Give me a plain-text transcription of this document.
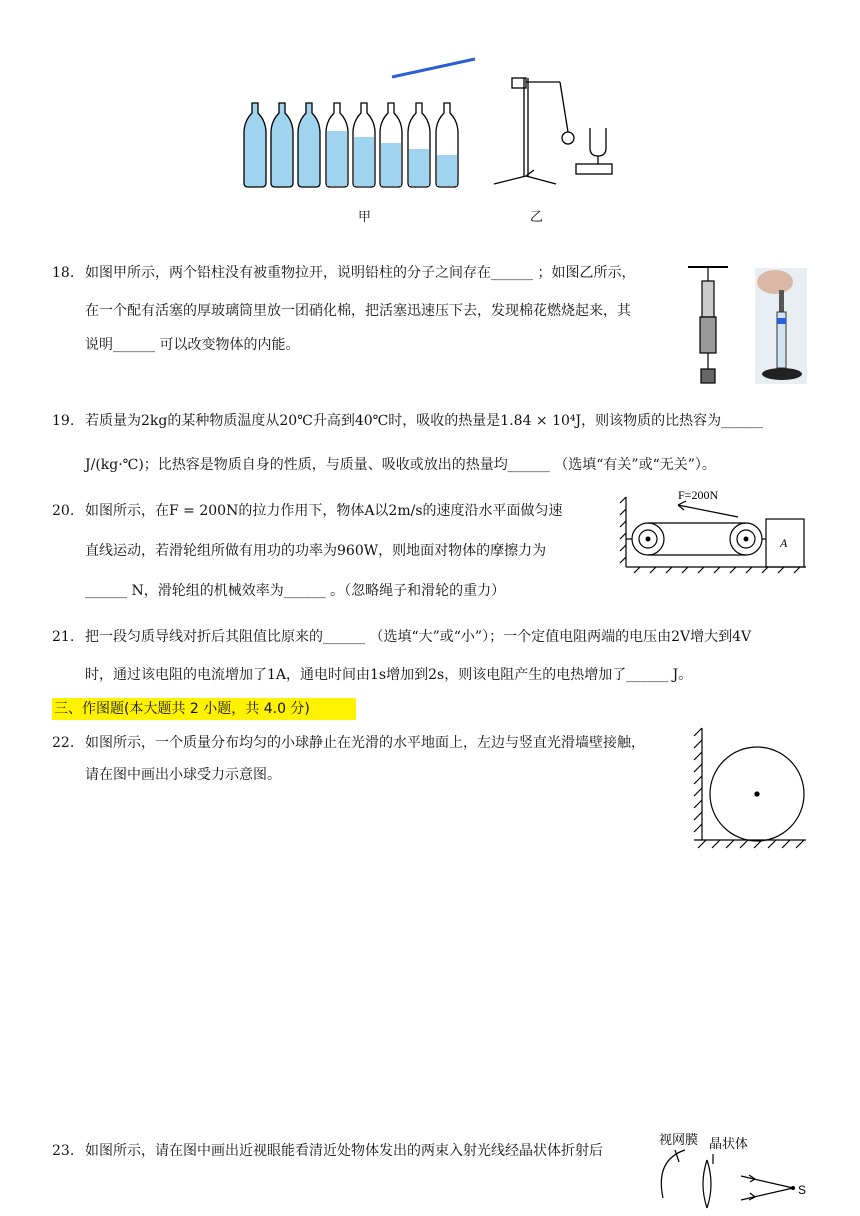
甲	乙
18. 如图甲所示，两个铅柱没有被重物拉开，说明铅柱的分子之间存在______ ；如图乙所示，
在一个配有活塞的厚玻璃筒里放一团硝化棉，把活塞迅速压下去，发现棉花燃烧起来，其
说明______ 可以改变物体的内能。
19. 若质量为2kg的某种物质温度从20℃升高到40℃时，吸收的热量是1.84 × 10⁴J，则该物质的比热容为______
J/(kg·℃)；比热容是物质自身的性质，与质量、吸收或放出的热量均______ （选填“有关”或“无关”）。
20. 如图所示，在F = 200N的拉力作用下，物体A以2m/s的速度沿水平面做匀速
直线运动，若滑轮组所做有用功的功率为960W，则地面对物体的摩擦力为
______ N，滑轮组的机械效率为______ 。（忽略绳子和滑轮的重力）
F=200N
A
21. 把一段匀质导线对折后其阻值比原来的______ （选填“大”或“小”）；一个定值电阻两端的电压由2V增大到4V
时，通过该电阻的电流增加了1A，通电时间由1s增加到2s，则该电阻产生的电热增加了______ J。
三、作图题(本大题共 2 小题，共 4.0 分)
22. 如图所示，一个质量分布均匀的小球静止在光滑的水平地面上，左边与竖直光滑墙壁接触，
请在图中画出小球受力示意图。
23. 如图所示，请在图中画出近视眼能看清近处物体发出的两束入射光线经晶状体折射后
视网膜 晶状体
S
